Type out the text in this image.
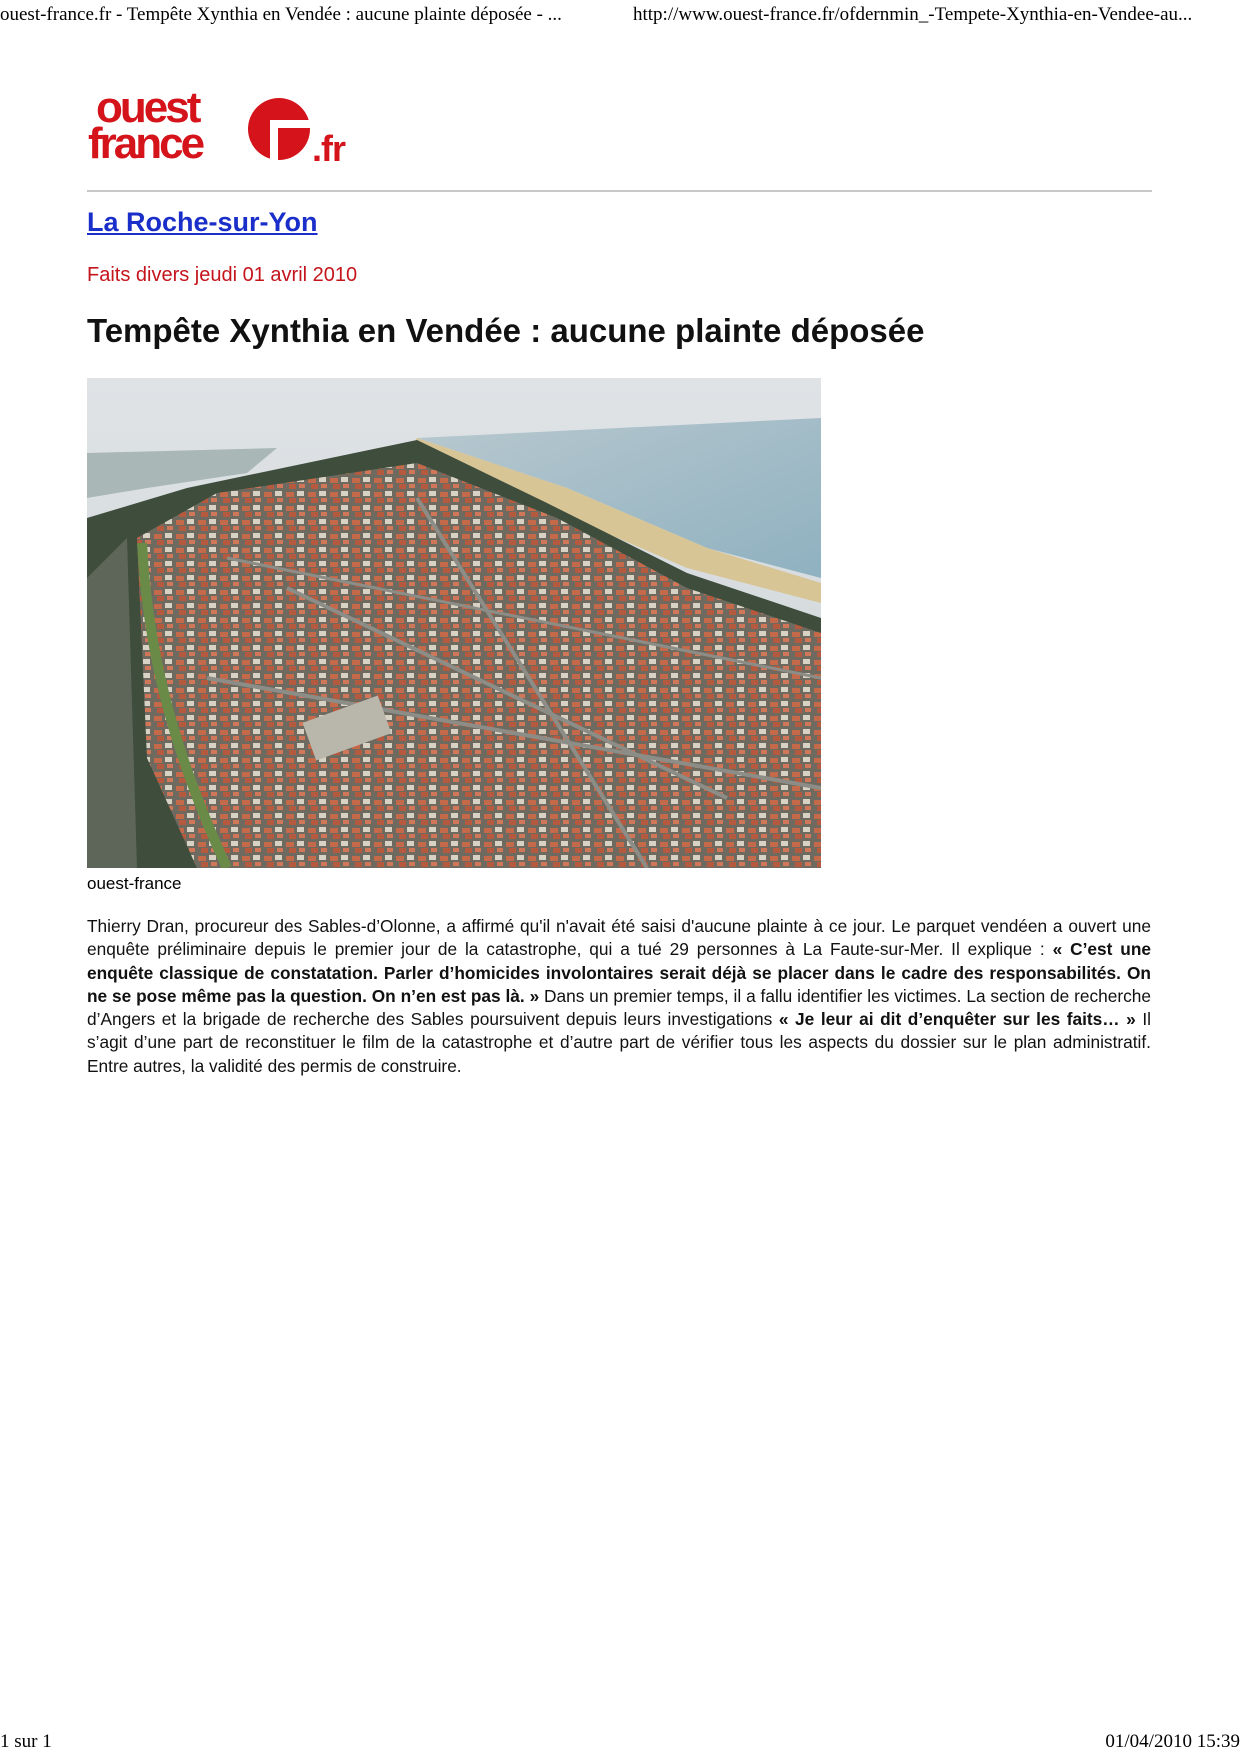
ouest-france.fr - Tempête Xynthia en Vendée : aucune plainte déposée - ...	http://www.ouest-france.fr/ofdernmin_-Tempete-Xynthia-en-Vendee-au...
ouest
france	.fr
La Roche-sur-Yon
Faits divers jeudi 01 avril 2010
Tempête Xynthia en Vendée : aucune plainte déposée
ouest-france

Thierry Dran, procureur des Sables-d’Olonne, a affirmé qu'il n'avait été saisi d'aucune plainte à ce jour. Le parquet vendéen a ouvert une enquête préliminaire depuis le premier jour de la catastrophe, qui a tué 29 personnes à La Faute-sur-Mer. Il explique : « C’est une enquête classique de constatation. Parler d’homicides involontaires serait déjà se placer dans le cadre des responsabilités. On ne se pose même pas la question. On n’en est pas là. » Dans un premier temps, il a fallu identifier les victimes. La section de recherche d’Angers et la brigade de recherche des Sables poursuivent depuis leurs investigations « Je leur ai dit d’enquêter sur les faits… » Il s’agit d’une part de reconstituer le film de la catastrophe et d’autre part de vérifier tous les aspects du dossier sur le plan administratif. Entre autres, la validité des permis de construire.

1 sur 1	01/04/2010 15:39
